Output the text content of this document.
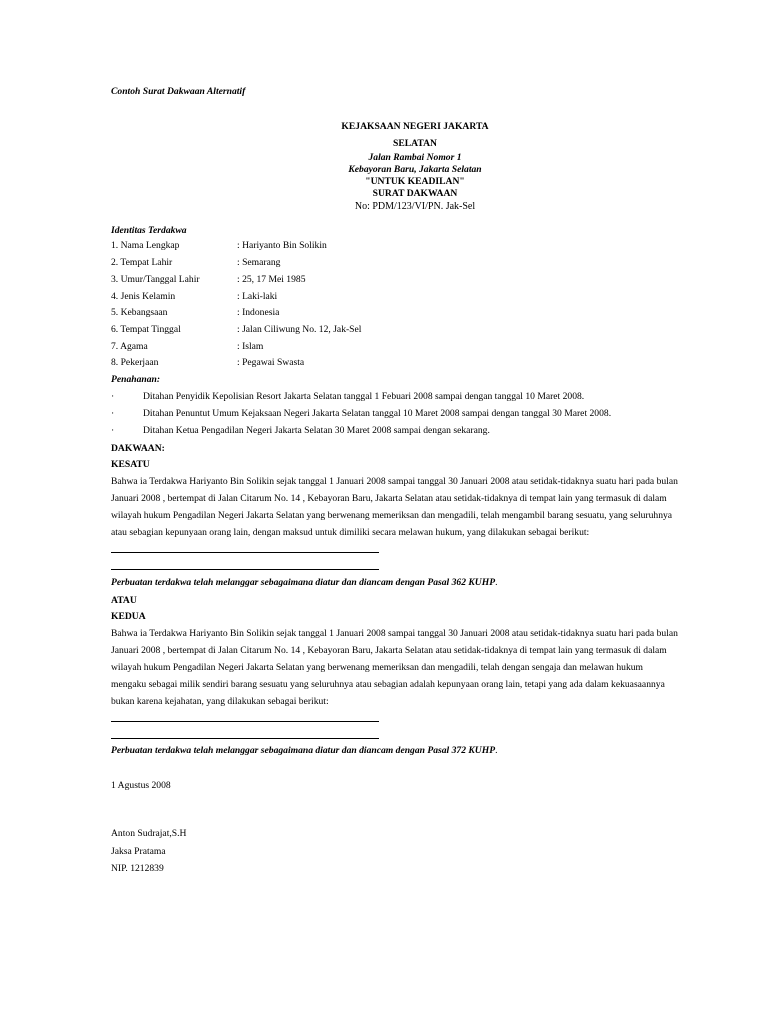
Contoh Surat Dakwaan Alternatif
KEJAKSAAN NEGERI JAKARTA
SELATAN
Jalan Rambai Nomor 1
Kebayoran Baru, Jakarta Selatan
"UNTUK KEADILAN"
SURAT DAKWAAN
No: PDM/123/VI/PN. Jak-Sel
Identitas Terdakwa
1. Nama Lengkap	: Hariyanto Bin Solikin
2. Tempat Lahir	: Semarang
3. Umur/Tanggal Lahir	: 25, 17 Mei 1985
4. Jenis Kelamin	: Laki-laki
5. Kebangsaan	: Indonesia
6. Tempat Tinggal	: Jalan Ciliwung No. 12, Jak-Sel
7. Agama	: Islam
8. Pekerjaan	: Pegawai Swasta
Penahanan:
·	Ditahan Penyidik Kepolisian Resort Jakarta Selatan tanggal 1 Febuari 2008 sampai dengan tanggal 10 Maret 2008.
·	Ditahan Penuntut Umum Kejaksaan Negeri Jakarta Selatan tanggal 10 Maret 2008 sampai dengan tanggal 30 Maret 2008.
·	Ditahan Ketua Pengadilan Negeri Jakarta Selatan 30 Maret 2008 sampai dengan sekarang.
DAKWAAN:
KESATU
Bahwa ia Terdakwa Hariyanto Bin Solikin sejak tanggal 1 Januari 2008 sampai tanggal 30 Januari 2008 atau setidak-tidaknya suatu hari pada bulan
Januari 2008 , bertempat di Jalan Citarum No. 14 , Kebayoran Baru, Jakarta Selatan atau setidak-tidaknya di tempat lain yang termasuk di dalam
wilayah hukum Pengadilan Negeri Jakarta Selatan yang berwenang memeriksan dan mengadili, telah mengambil barang sesuatu, yang seluruhnya
atau sebagian kepunyaan orang lain, dengan maksud untuk dimiliki secara melawan hukum, yang dilakukan sebagai berikut:
Perbuatan terdakwa telah melanggar sebagaimana diatur dan diancam dengan Pasal 362 KUHP.
ATAU
KEDUA
Bahwa ia Terdakwa Hariyanto Bin Solikin sejak tanggal 1 Januari 2008 sampai tanggal 30 Januari 2008 atau setidak-tidaknya suatu hari pada bulan
Januari 2008 , bertempat di Jalan Citarum No. 14 , Kebayoran Baru, Jakarta Selatan atau setidak-tidaknya di tempat lain yang termasuk di dalam
wilayah hukum Pengadilan Negeri Jakarta Selatan yang berwenang memeriksan dan mengadili, telah dengan sengaja dan melawan hukum
mengaku sebagai milik sendiri barang sesuatu yang seluruhnya atau sebagian adalah kepunyaan orang lain, tetapi yang ada dalam kekuasaannya
bukan karena kejahatan, yang dilakukan sebagai berikut:
Perbuatan terdakwa telah melanggar sebagaimana diatur dan diancam dengan Pasal 372 KUHP.
1 Agustus 2008
Anton Sudrajat,S.H
Jaksa Pratama
NIP. 1212839
